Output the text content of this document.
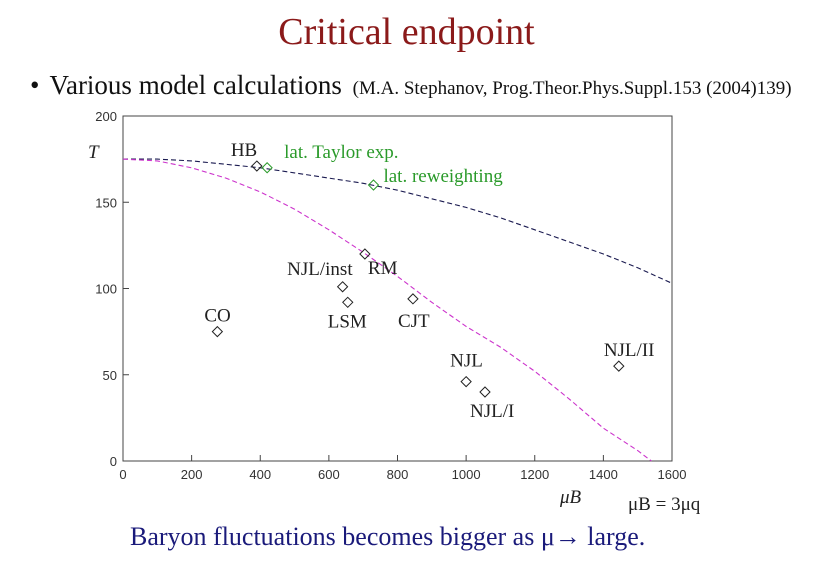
Critical endpoint
• Various model calculations (M.A. Stephanov, Prog.Theor.Phys.Suppl.153 (2004)139)
0	200	400	600	800	1000	1200	1400	1600
0
50
100
150
200
HB lat. Taylor exp.
lat. reweighting
RM
NJL/inst
LSM CJT
CO
NJL
NJL/I
NJL/II
T
μB μB = 3μq
Baryon fluctuations becomes bigger as μ→ large.
